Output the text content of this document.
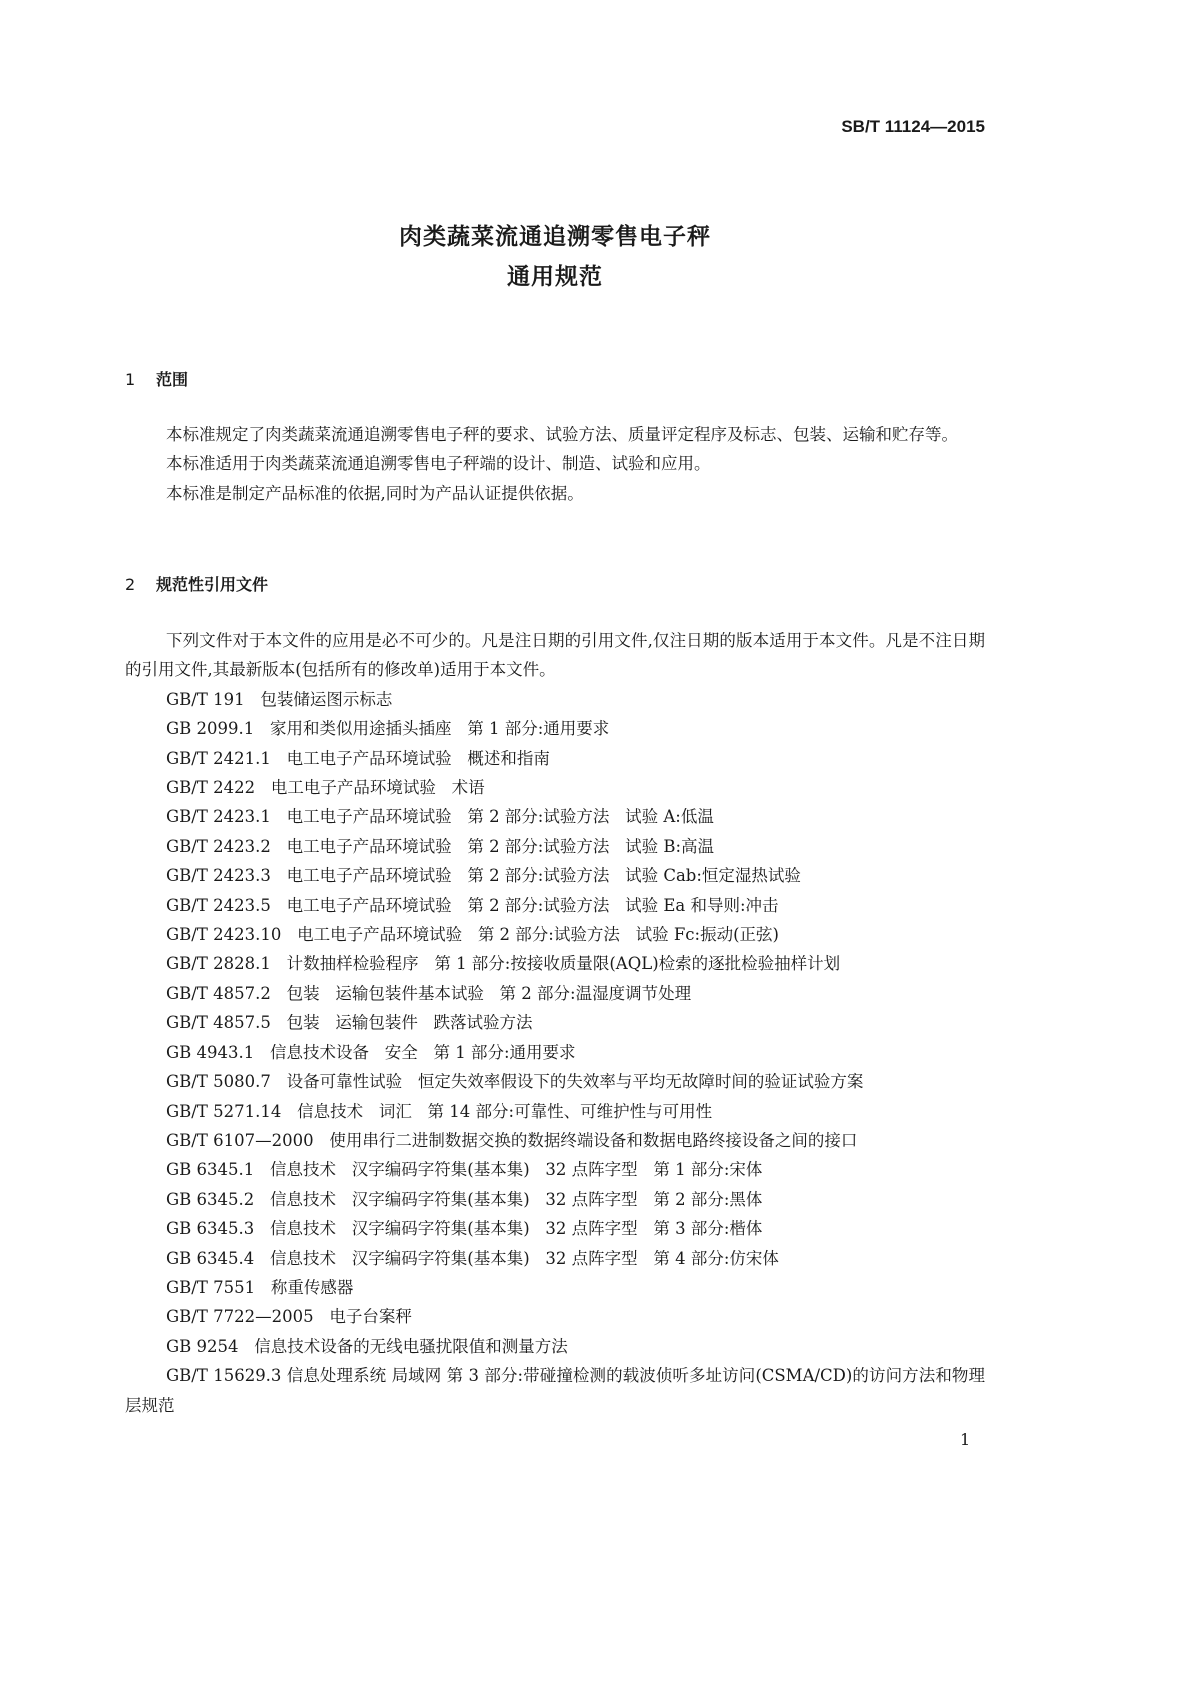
SB/T 11124—2015
肉类蔬菜流通追溯零售电子秤
通用规范
1 范围
本标准规定了肉类蔬菜流通追溯零售电子秤的要求、试验方法、质量评定程序及标志、包装、运输和贮存等。
本标准适用于肉类蔬菜流通追溯零售电子秤端的设计、制造、试验和应用。
本标准是制定产品标准的依据,同时为产品认证提供依据。
2 规范性引用文件
下列文件对于本文件的应用是必不可少的。凡是注日期的引用文件,仅注日期的版本适用于本文件。凡是不注日期的引用文件,其最新版本(包括所有的修改单)适用于本文件。
GB/T 191   包装储运图示标志
GB 2099.1   家用和类似用途插头插座   第 1 部分:通用要求
GB/T 2421.1   电工电子产品环境试验   概述和指南
GB/T 2422   电工电子产品环境试验   术语
GB/T 2423.1   电工电子产品环境试验   第 2 部分:试验方法   试验 A:低温
GB/T 2423.2   电工电子产品环境试验   第 2 部分:试验方法   试验 B:高温
GB/T 2423.3   电工电子产品环境试验   第 2 部分:试验方法   试验 Cab:恒定湿热试验
GB/T 2423.5   电工电子产品环境试验   第 2 部分:试验方法   试验 Ea 和导则:冲击
GB/T 2423.10   电工电子产品环境试验   第 2 部分:试验方法   试验 Fc:振动(正弦)
GB/T 2828.1   计数抽样检验程序   第 1 部分:按接收质量限(AQL)检索的逐批检验抽样计划
GB/T 4857.2   包装   运输包装件基本试验   第 2 部分:温湿度调节处理
GB/T 4857.5   包装   运输包装件   跌落试验方法
GB 4943.1   信息技术设备   安全   第 1 部分:通用要求
GB/T 5080.7   设备可靠性试验   恒定失效率假设下的失效率与平均无故障时间的验证试验方案
GB/T 5271.14   信息技术   词汇   第 14 部分:可靠性、可维护性与可用性
GB/T 6107—2000   使用串行二进制数据交换的数据终端设备和数据电路终接设备之间的接口
GB 6345.1   信息技术   汉字编码字符集(基本集)   32 点阵字型   第 1 部分:宋体
GB 6345.2   信息技术   汉字编码字符集(基本集)   32 点阵字型   第 2 部分:黑体
GB 6345.3   信息技术   汉字编码字符集(基本集)   32 点阵字型   第 3 部分:楷体
GB 6345.4   信息技术   汉字编码字符集(基本集)   32 点阵字型   第 4 部分:仿宋体
GB/T 7551   称重传感器
GB/T 7722—2005   电子台案秤
GB 9254   信息技术设备的无线电骚扰限值和测量方法
GB/T 15629.3 信息处理系统 局域网 第 3 部分:带碰撞检测的载波侦听多址访问(CSMA/CD)的访问方法和物理层规范
1
